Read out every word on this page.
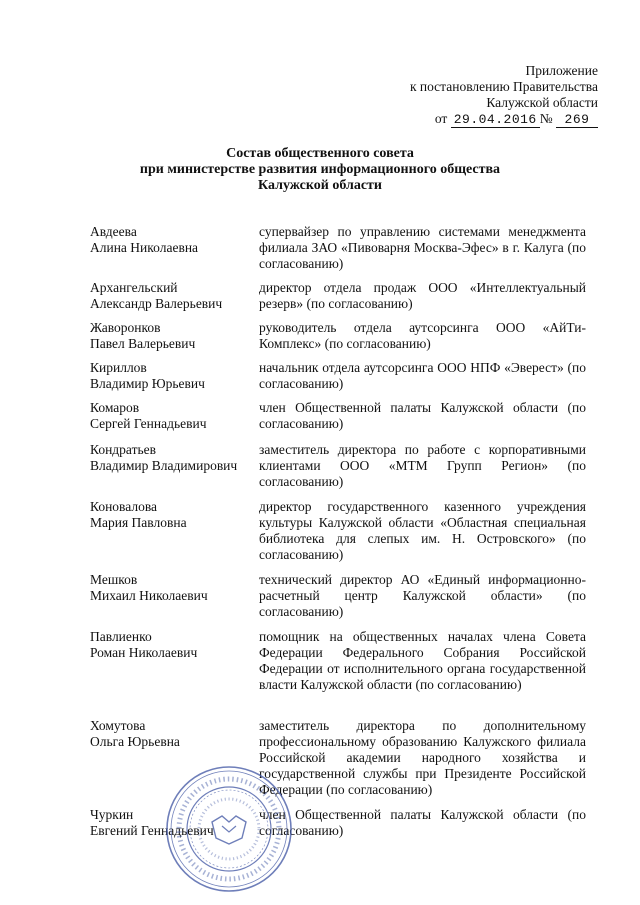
Приложение
к постановлению Правительства
Калужской области
от 29.04.2016 № 269
Состав общественного совета
при министерстве развития информационного общества
Калужской области
Авдеева
Алина Николаевна
супервайзер по управлению системами менеджмента филиала ЗАО «Пивоварня Москва-Эфес» в г. Калуга (по согласованию)
Архангельский
Александр Валерьевич
директор отдела продаж ООО «Интеллектуальный резерв» (по согласованию)
Жаворонков
Павел Валерьевич
руководитель отдела аутсорсинга ООО «АйТи-Комплекс» (по согласованию)
Кириллов
Владимир Юрьевич
начальник отдела аутсорсинга ООО НПФ «Эверест» (по согласованию)
Комаров
Сергей Геннадьевич
член Общественной палаты Калужской области (по согласованию)
Кондратьев
Владимир Владимирович
заместитель директора по работе с корпоративными клиентами ООО «МТМ Групп Регион» (по согласованию)
Коновалова
Мария Павловна
директор государственного казенного учреждения культуры Калужской области «Областная специальная библиотека для слепых им. Н. Островского» (по согласованию)
Мешков
Михаил Николаевич
технический директор АО «Единый информационно-расчетный центр Калужской области» (по согласованию)
Павлиенко
Роман Николаевич
помощник на общественных началах члена Совета Федерации Федерального Собрания Российской Федерации от исполнительного органа государственной власти Калужской области (по согласованию)
Хомутова
Ольга Юрьевна
заместитель директора по дополнительному профессиональному образованию Калужского филиала Российской академии народного хозяйства и государственной службы при Президенте Российской Федерации (по согласованию)
Чуркин
Евгений Геннадьевич
член Общественной палаты Калужской области (по согласованию)
